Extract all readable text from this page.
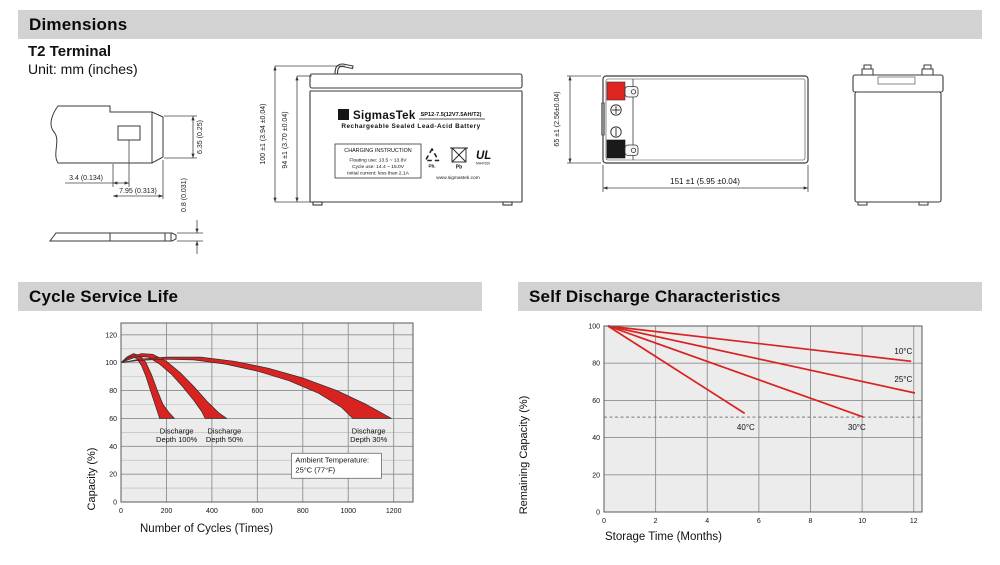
Dimensions
T2 Terminal
Unit: mm (inches)
Cycle Service Life	Self Discharge Characteristics
3.4 (0.134)
7.95 (0.313)
6.35 (0.25)
0.8 (0.031)
100 ±1 (3.94 ±0.04) 94 ±1 (3.70 ±0.04)	Σ SigmasTek SP12-7.5(12V7.5AH/T2)
Rechargeable Sealed Lead-Acid Battery
CHARGING INSTRUCTION
Floating use: 13.5 ~ 13.8V
Cycle use: 14.4 ~ 15.0V
Initial current: less than 2.1A
Pb.	Pb
UL
MH47629
www.sigmastek.com
65 ±1 (2.56±0.04)
151 ±1 (5.95 ±0.04)
Number of Cycles (Times)
Capacity (%) 0
20
40
60
80
100
120
0	200	400	600	800	1000	1200
Discharge
Depth 100%
Discharge
Depth 50%
Discharge
Depth 30%
Ambient Temperature:
25°C (77°F)
Storage Time (Months)
Remaining Capacity (%)	0
20
40
60
80
100
0	2	4	6	8	10	12
10°C
25°C
30°C
40°C
